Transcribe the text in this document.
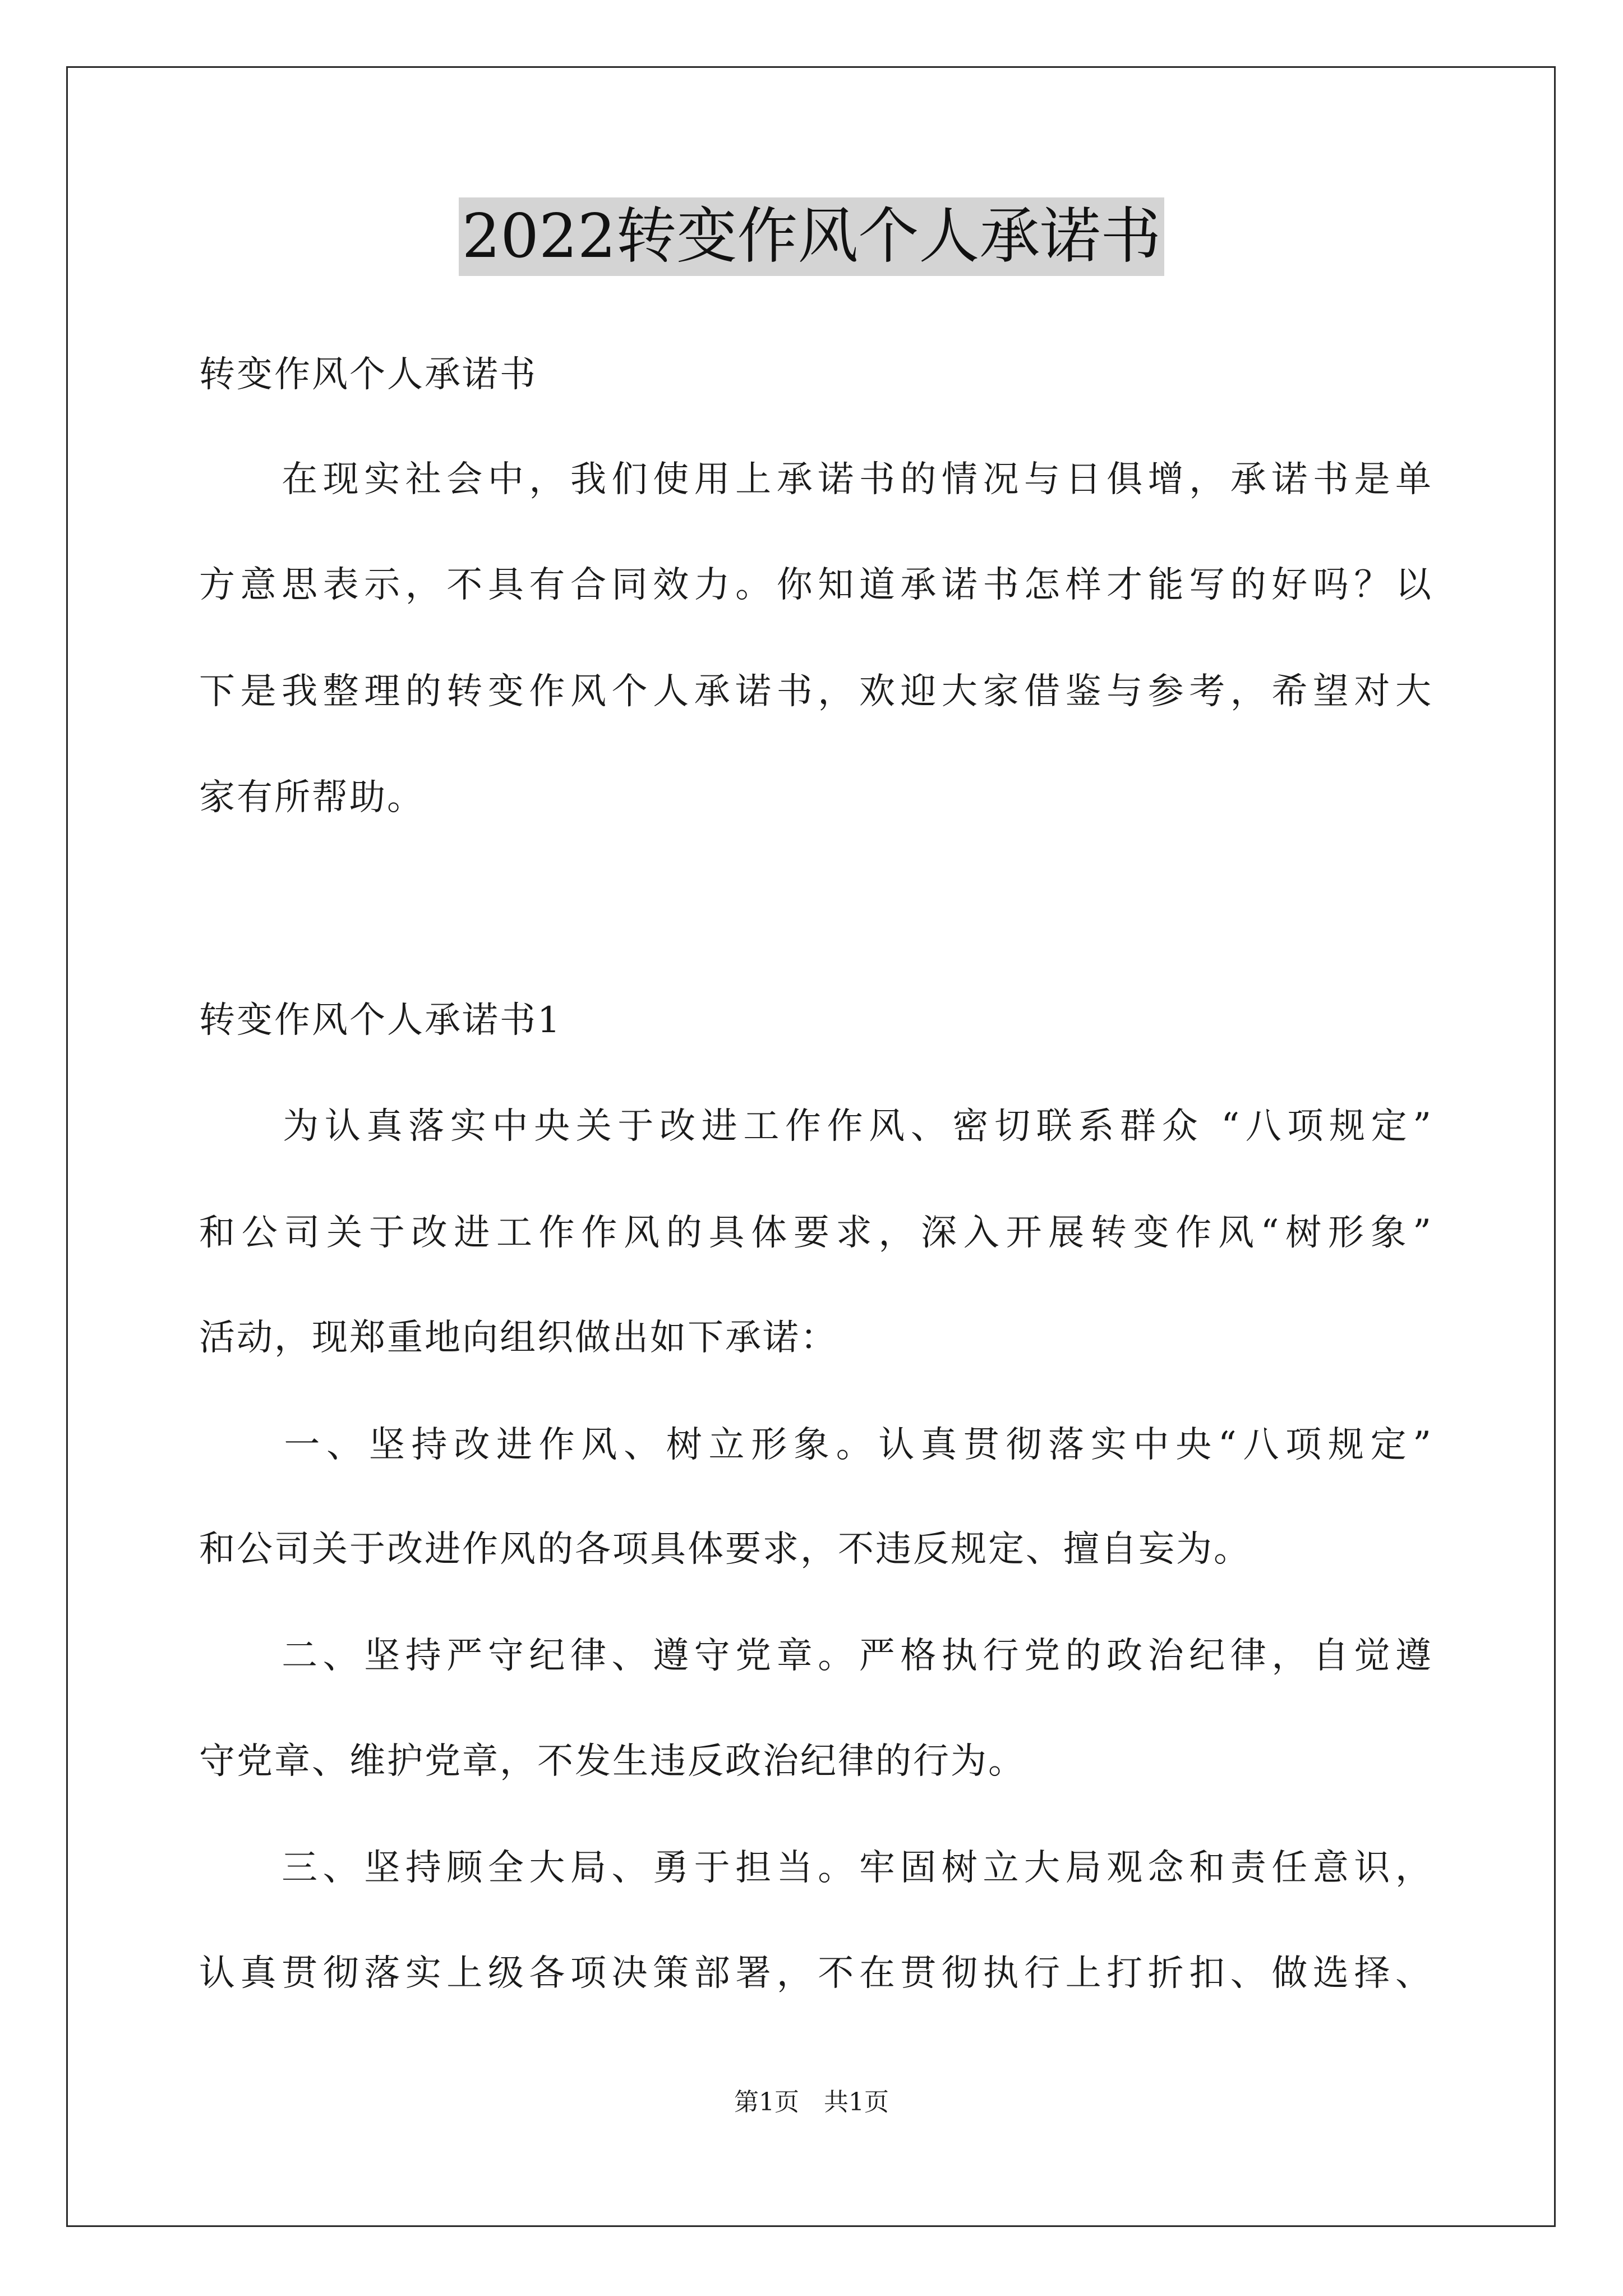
2022转变作风个人承诺书
转变作风个人承诺书
　　在现实社会中，我们使用上承诺书的情况与日俱增，承诺书是单
方意思表示，不具有合同效力。你知道承诺书怎样才能写的好吗？以
下是我整理的转变作风个人承诺书，欢迎大家借鉴与参考，希望对大
家有所帮助。
转变作风个人承诺书1
　　为认真落实中央关于改进工作作风、密切联系群众 “八项规定”
和公司关于改进工作作风的具体要求，深入开展转变作风“树形象”
活动，现郑重地向组织做出如下承诺：
　　一、坚持改进作风、树立形象。认真贯彻落实中央“八项规定”
和公司关于改进作风的各项具体要求，不违反规定、擅自妄为。
　　二、坚持严守纪律、遵守党章。严格执行党的政治纪律，自觉遵
守党章、维护党章，不发生违反政治纪律的行为。
　　三、坚持顾全大局、勇于担当。牢固树立大局观念和责任意识，
认真贯彻落实上级各项决策部署，不在贯彻执行上打折扣、做选择、
第1页　共1页
